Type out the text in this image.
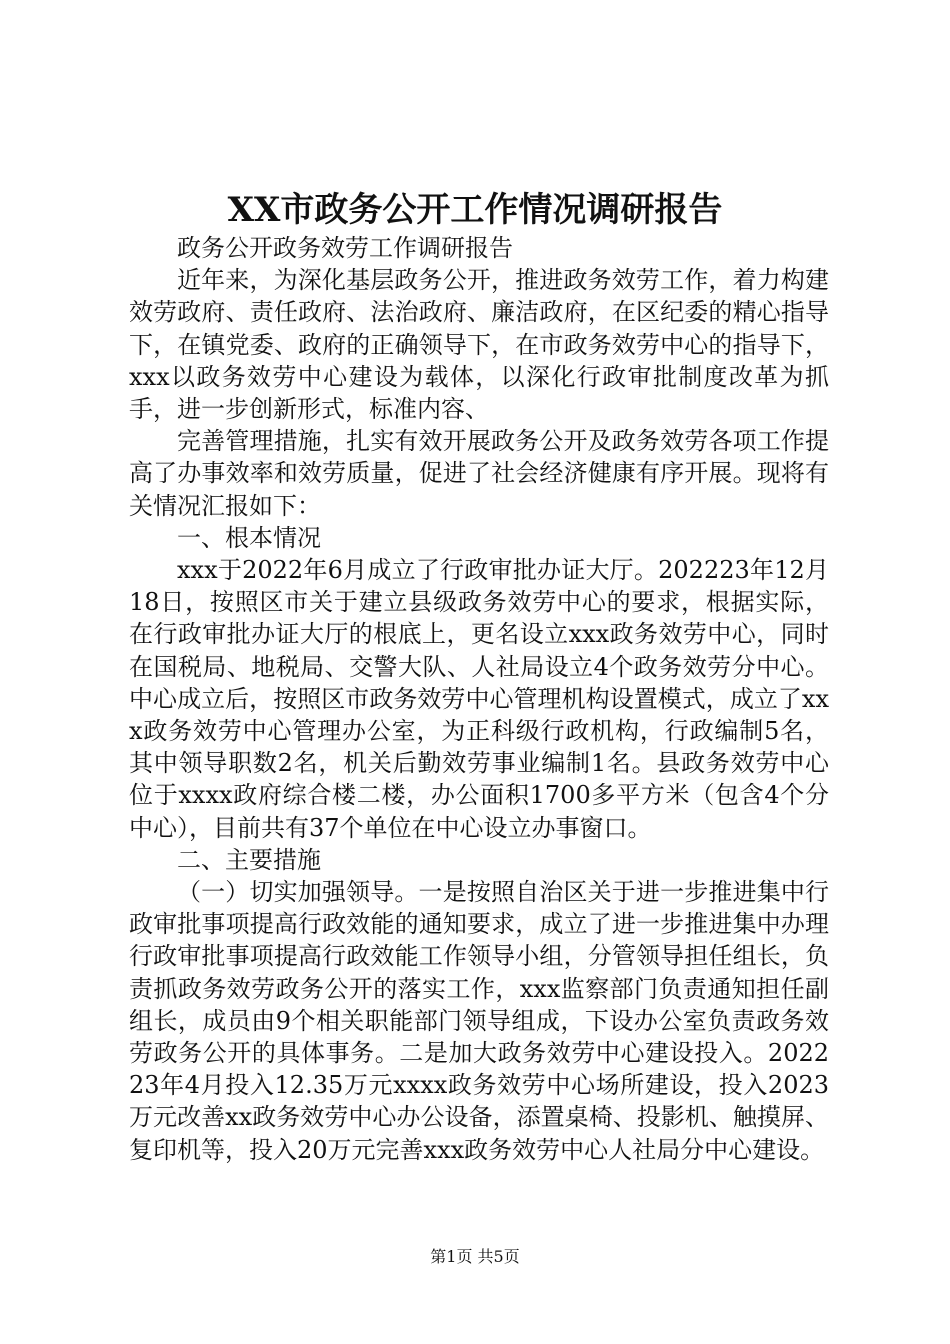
XX市政务公开工作情况调研报告

政务公开政务效劳工作调研报告

近年来，为深化基层政务公开，推进政务效劳工作，着力构建效劳政府、责任政府、法治政府、廉洁政府，在区纪委的精心指导下，在镇党委、政府的正确领导下，在市政务效劳中心的指导下，xxx以政务效劳中心建设为载体，以深化行政审批制度改革为抓手，进一步创新形式，标准内容、

完善管理措施，扎实有效开展政务公开及政务效劳各项工作提高了办事效率和效劳质量，促进了社会经济健康有序开展。现将有关情况汇报如下：

一、根本情况

xxx于2022年6月成立了行政审批办证大厅。202223年12月18日，按照区市关于建立县级政务效劳中心的要求，根据实际，在行政审批办证大厅的根底上，更名设立xxx政务效劳中心，同时在国税局、地税局、交警大队、人社局设立4个政务效劳分中心。中心成立后，按照区市政务效劳中心管理机构设置模式，成立了xxx政务效劳中心管理办公室，为正科级行政机构，行政编制5名，其中领导职数2名，机关后勤效劳事业编制1名。县政务效劳中心位于xxxx政府综合楼二楼，办公面积1700多平方米（包含4个分中心），目前共有37个单位在中心设立办事窗口。

二、主要措施

（一）切实加强领导。一是按照自治区关于进一步推进集中行政审批事项提高行政效能的通知要求，成立了进一步推进集中办理行政审批事项提高行政效能工作领导小组，分管领导担任组长，负责抓政务效劳政务公开的落实工作，xxx监察部门负责通知担任副组长，成员由9个相关职能部门领导组成，下设办公室负责政务效劳政务公开的具体事务。二是加大政务效劳中心建设投入。202223年4月投入12.35万元xxxx政务效劳中心场所建设，投入2023万元改善xx政务效劳中心办公设备，添置桌椅、投影机、触摸屏、复印机等，投入20万元完善xxx政务效劳中心人社局分中心建设。

第1页 共5页
